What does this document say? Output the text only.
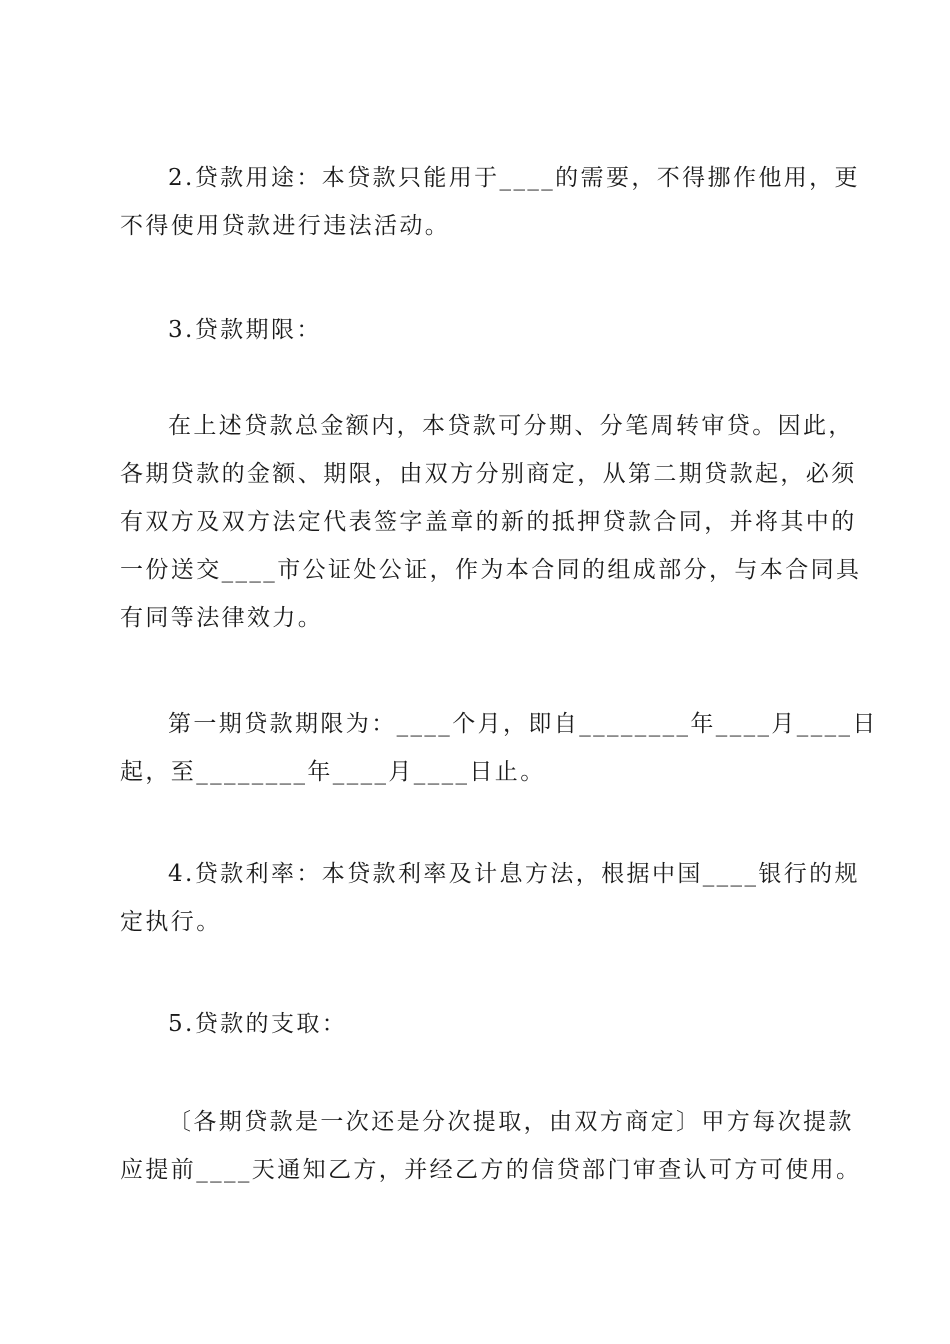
2.贷款用途：本贷款只能用于____的需要，不得挪作他用，更
不得使用贷款进行违法活动。

3.贷款期限：

在上述贷款总金额内，本贷款可分期、分笔周转审贷。因此，
各期贷款的金额、期限，由双方分别商定，从第二期贷款起，必须
有双方及双方法定代表签字盖章的新的抵押贷款合同，并将其中的
一份送交____市公证处公证，作为本合同的组成部分，与本合同具
有同等法律效力。

第一期贷款期限为：____个月，即自________年____月____日
起，至________年____月____日止。

4.贷款利率：本贷款利率及计息方法，根据中国____银行的规
定执行。

5.贷款的支取：

〔各期贷款是一次还是分次提取，由双方商定〕甲方每次提款
应提前____天通知乙方，并经乙方的信贷部门审查认可方可使用。
